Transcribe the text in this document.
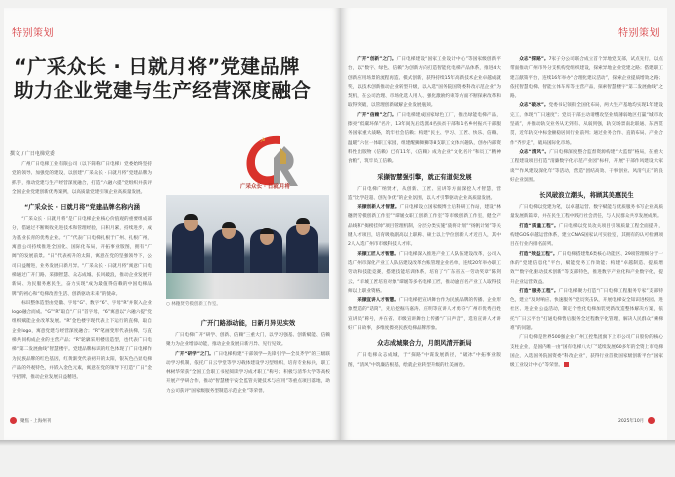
特别策划
“广采众长 · 日就月将”党建品牌
助力企业党建与生产经营深度融合
撰文 / 广日电梯党委

广州广日电梯工业有限公司（以下简称广日电梯）党委始终坚持党的领导、加强党的建设，以创建“广采众长 · 日就月将”党建品牌为抓手，推动党建与生产经营深度融合，打造“六融六提”党组织并获评全国企业党建创新优秀案例，以高质量党建引领企业高质量发展。

“广采众长 · 日就月将”党建品牌名称内涵

“广采众长 · 日就月将”是广日电梯企业核心价值观的重要组成部分，借通过不断吸收先进技术和管理经验，日积月累，持续进步，成为基业长青的优秀企业。“广”代表广日电梯扎根于广州、扎根广州，寓意公司持续推进全国化、国际化布局，开拓事业版图，拥有“广阔”的发展前景。“日”代表初升的太阳，寓意在党的坚强领导下，公司日益精进，业务发展日新月异。“广采众长 · 日就月将”寓意广日电梯通过广开门路、采撷智慧、众志成城、长风破浪，推动企业发展开新局、为民服务惠民生，奋力实现“成为最值得信赖的中国电梯品牌”的初心和“电梯改善生活、创新驱动未来”的使命。

标识整体造型由党徽、字母“G”、数字“6”、字母“R”并嵌入企业logo融合而成。“G”“R”取自“广日”首字母，“6”寓意以“六融六提”党组织赋能企业改革发展。“R”金色楼宇现代表上下运行的直梯，取自企业logo，寓意党建与经营深度融合；“R”笔画变形代表扶梯，与直梯共同构成企业的主营产品；“R”轮廓采用楼房造型，也代表广日电梯“第二发展曲线”智慧楼宇。党建品牌标识的红色体现了广日电梯作为民族品牌的红色基因，红黄渐变代表初升的太阳，银灰色凸显电梯产品的外观特色，并嵌入金色元素，寓意在党的领导下打造“广日”金字招牌，推动企业发展日益精进。

☭
广采众长 · 日就月将
○ 林穗贤劳模创新工作室。
广开门路添动能，日新月异见实效

广日电梯广开“研学、创新、信赖”三重大门，以学习强基、创新赋能、信赖聚力为企业增添动能，推动企业发展日新月异、见行见效。

广开“研学”之门。广日电梯构建“干部领学—先锋引学—全员齐学”的三级联动学习机制，依托广日云学堂等学习载体建设学习型组织，培育专业标兵，职工林树华荣获“全国工会职工书屋阅读学习成才职工”称号；积极与清华大学等高校开展产学研合作，推动“智慧楼宇安全监管关键技术与应用”等重点项目落地，助力公司获评“国家级服务型制造示范企业”等荣誉。

聚焦 · 上海州刊
特别策划

广开“创新”之门。广日电梯建设“国家工业设计中心”等国家级创新平台，以“数字、绿色、信赖”为创新方向打造智能化电梯产品体系，推进4大创新应用场景的流程再造、模式创新，获得持续15年高新技术企业卓越成就奖，以技术创新推动企业转型升级，以入选“国务院国资委科改示范企业”为契机，在公司治理、市场化选人用人、强化激励约束等方面不断探索改革和取得突破，以管理创新破解企业发展瓶颈。

广开“信赖”之门。广日电梯建成国家绿色工厂，推出绿能电梯产品，擦亮“低碳环保”名片，13年间先后选派4名扶贫干部和1名乡村振兴干部服务国家重大战略，筑牢社会信赖；构建“民主、学习、工匠、快乐、信赖、温暖”六位一体职工家园，组建醒狮舞狮等8支职工文体兴趣队，创办内部资料性出版物《信赖》已有11年，《信赖》成为企业“文化名片”和员工“精神食粮”，筑牢员工信赖。

采撷智慧强引擎，就正有道促发展

广日电梯广纳贤才，从创新、工匠、宣讲等方面深挖人才智慧，营造“比学赶超、创先争优”的企业氛围，以人才引擎驱动企业高质量发展。

采撷创新人才智慧。广日电梯设立国家级博士后科研工作站，建设“林穗贤劳模创新工作室”“谭媛女职工创新工作室”等市级创新工作室，健全产品线和“揭榜挂帅”项目管理机制，分层分类实施“骁将计划”“扬帆计划”等关键人才项目，培育吸收副高以上职称、硕士以上学位创新人才近百人，其中2人入选广州市市级科技人才库。

采撷工匠人才智慧。广日电梯深入推进产业工人队伍建设改革，公司入选广州市深化产业工人队伍建设改革台账管理企业名单，连续20年举办职工劳动和技能竞赛，搭建技能培训体系，培育了“广东省五一劳动奖章”陈剑云、“羊城工匠培育对象”谭媛等多名电梯工匠，推动逾百名产业工人取得技师以上职业资格。

采撷宣讲人才智慧。广日电梯把宣讲舞台作为民族品牌的传播、企业形象塑造的“话筒”，先后挖掘马嘉涛、庄明等宣讲人才勇夺“广州市优秀百姓宣讲员”称号，并在省、市级宣讲舞台上传播“广日声音”，选育宣讲人才讲好广日故事，多维度擦亮民族电梯品牌形象。

众志成城聚合力，月朗风清开新局

广日电梯众志成城，于“探路”中谋发展新径，“破冰”中拓事业版图，“清风”中筑廉洁根基，绘就企业转型升级的壮美画卷。

众志“探路”。7家子分公司联合成立首个异地党支部，试点先行，以点带面推动广州市外分支机构党组织建设，探索异地企业党建之路；搭建职工建言献策平台，连续16年举办“合理化建议活动”，探索企业提质增效之路；依托智慧电梯、智能立体车库等主营产品，探索智慧楼宇“第二发展曲线”之路。

众志“破冰”。党委书记领衔全国化布局，两大生产基地均实现1年建设完工，体现“广日速度”；党员干部主动请缨攻坚业绩薄弱地区打赢“城市攻坚战”，并推动轨交业务从无到有、从弱到强，轨交场景南北联通、东西贯贯，近年轨交中标金额稳居同行业前列；通过业务合作、直销布局、产业合作“齐步走”，破局国际化市场。

众志“清风”。广日电梯深度整合监督资源构建“大监督”格局，在重大工程建设项目打造“清廉数字化示范产业园”标杆，开展“干部作风建设大家谈”“作风建设深化年”等活动，营造“团结高效、干事创业、风清气正”的良好企业氛围。

长风破浪立潮头，将顾其美惠民生

广日电梯以党建为笔，以卓越运营、数字赋能与优质服务书写企业高质量发展新篇章，并在民生工程中践行社会责任，与人民群众共享发展成果。

打造“质量工程”。广日电梯以党员攻关项目引领质量工程全面提升，构建GOS卓越运营体系，建立CNAS国家认可实验室，其拥有的认可检测项目在行业内排名前列。

打造“效益工程”。广日电梯搭建集6类核心功能区、29项管理细分于一体的“党建信息化”平台，赋能党务工作效能；构建“卓越制造、提质增效”“数字化驱动技术创新”等支部特色，推进数字产业化和产业数字化，提升企业运营效益。

打造“服务工程”。广日电梯聚力打造“广日电梯工程服务专家”支部特色，建立“及时响应、快速服务”党员突击队，开展电梯安全知识进校园、进社区、进企业公益活动，制定个性化电梯加装更新改造整体解决方案，依托“广日云平台”打通电梯售后服务全过程数字化管理，解决人民群众“乘梯难”的问题。

广日电梯是世界500强企业广州工控集团旗下上市公司广日股份的核心支柱企业，是国内唯一由“国有电梯八大厂”延续发展60多年的全资上市电梯国企，入选国务院国资委“科改企业”，获得行业首批国家级创新平台“国家级工业设计中心”等荣誉。

2025年10月
